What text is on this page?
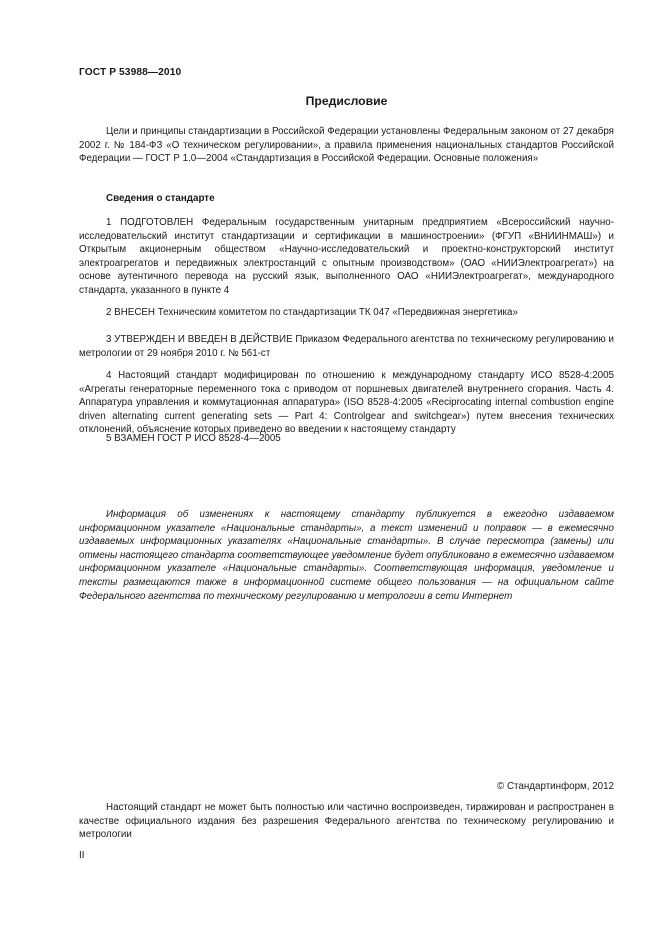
ГОСТ Р 53988—2010
Предисловие

Цели и принципы стандартизации в Российской Федерации установлены Федеральным законом от 27 декабря 2002 г. № 184-ФЗ «О техническом регулировании», а правила применения национальных стандартов Российской Федерации — ГОСТ Р 1.0—2004 «Стандартизация в Российской Федерации. Основные положения»

Сведения о стандарте

1 ПОДГОТОВЛЕН Федеральным государственным унитарным предприятием «Всероссийский научно-исследовательский институт стандартизации и сертификации в машиностроении» (ФГУП «ВНИИНМАШ») и Открытым акционерным обществом «Научно-исследовательский и проектно-конструкторский институт электроагрегатов и передвижных электростанций с опытным производством» (ОАО «НИИЭлектроагрегат») на основе аутентичного перевода на русский язык, выполненного ОАО «НИИЭлектроагрегат», международного стандарта, указанного в пункте 4

2 ВНЕСЕН Техническим комитетом по стандартизации ТК 047 «Передвижная энергетика»

3 УТВЕРЖДЕН И ВВЕДЕН В ДЕЙСТВИЕ Приказом Федерального агентства по техническому регулированию и метрологии от 29 ноября 2010 г. № 561-ст

4 Настоящий стандарт модифицирован по отношению к международному стандарту ИСО 8528-4:2005 «Агрегаты генераторные переменного тока с приводом от поршневых двигателей внутреннего сгорания. Часть 4. Аппаратура управления и коммутационная аппаратура» (ISO 8528-4:2005 «Reciprocating internal combustion engine driven alternating current generating sets — Part 4: Controlgear and switchgear») путем внесения технических отклонений, объяснение которых приведено во введении к настоящему стандарту

5 ВЗАМЕН ГОСТ Р ИСО 8528-4—2005

Информация об изменениях к настоящему стандарту публикуется в ежегодно издаваемом информационном указателе «Национальные стандарты», а текст изменений и поправок — в ежемесячно издаваемых информационных указателях «Национальные стандарты». В случае пересмотра (замены) или отмены настоящего стандарта соответствующее уведомление будет опубликовано в ежемесячно издаваемом информационном указателе «Национальные стандарты». Соответствующая информация, уведомление и тексты размещаются также в информационной системе общего пользования — на официальном сайте Федерального агентства по техническому регулированию и метрологии в сети Интернет

© Стандартинформ, 2012

Настоящий стандарт не может быть полностью или частично воспроизведен, тиражирован и распространен в качестве официального издания без разрешения Федерального агентства по техническому регулированию и метрологии

II
